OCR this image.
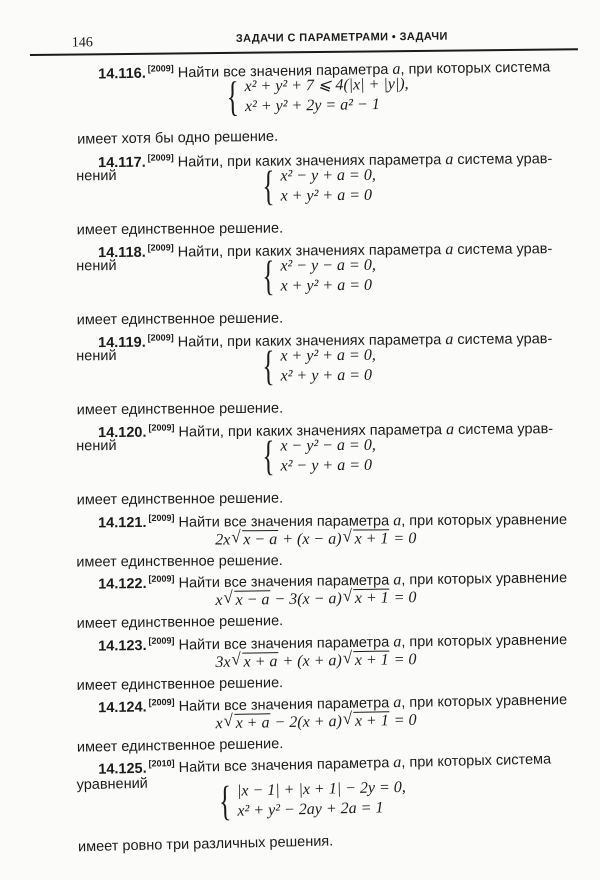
146	ЗАДАЧИ С ПАРАМЕТРАМИ • ЗАДАЧИ
14.116. [2009] Найти все значения параметра a, при которых система
{ x² + y² + 7 ⩽ 4(|x| + |y|),
x² + y² + 2y = a² − 1
имеет хотя бы одно решение.
14.117. [2009] Найти, при каких значениях параметра a система урав-
нений	{ x² − y + a = 0,
x + y² + a = 0
имеет единственное решение.
14.118. [2009] Найти, при каких значениях параметра a система урав-
нений	{ x² − y − a = 0,
x + y² + a = 0
имеет единственное решение.
14.119. [2009] Найти, при каких значениях параметра a система урав-
нений	{ x + y² + a = 0,
x² + y + a = 0
имеет единственное решение.
14.120. [2009] Найти, при каких значениях параметра a система урав-
нений	{ x − y² − a = 0,
x² − y + a = 0
имеет единственное решение.
14.121. [2009] Найти все значения параметра a, при которых уравнение
2x √ x − a + (x − a) √ x + 1 = 0
имеет единственное решение.
14.122. [2009] Найти все значения параметра a, при которых уравнение
x √ x − a − 3(x − a) √ x + 1 = 0
имеет единственное решение.
14.123. [2009] Найти все значения параметра a, при которых уравнение
3x √ x + a + (x + a) √ x + 1 = 0
имеет единственное решение.
14.124. [2009] Найти все значения параметра a, при которых уравнение
x √ x + a − 2(x + a) √ x + 1 = 0
имеет единственное решение.
14.125. [2010] Найти все значения параметра a, при которых система
уравнений { |x − 1| + |x + 1| − 2y = 0,
x² + y² − 2ay + 2a = 1
имеет ровно три различных решения.
